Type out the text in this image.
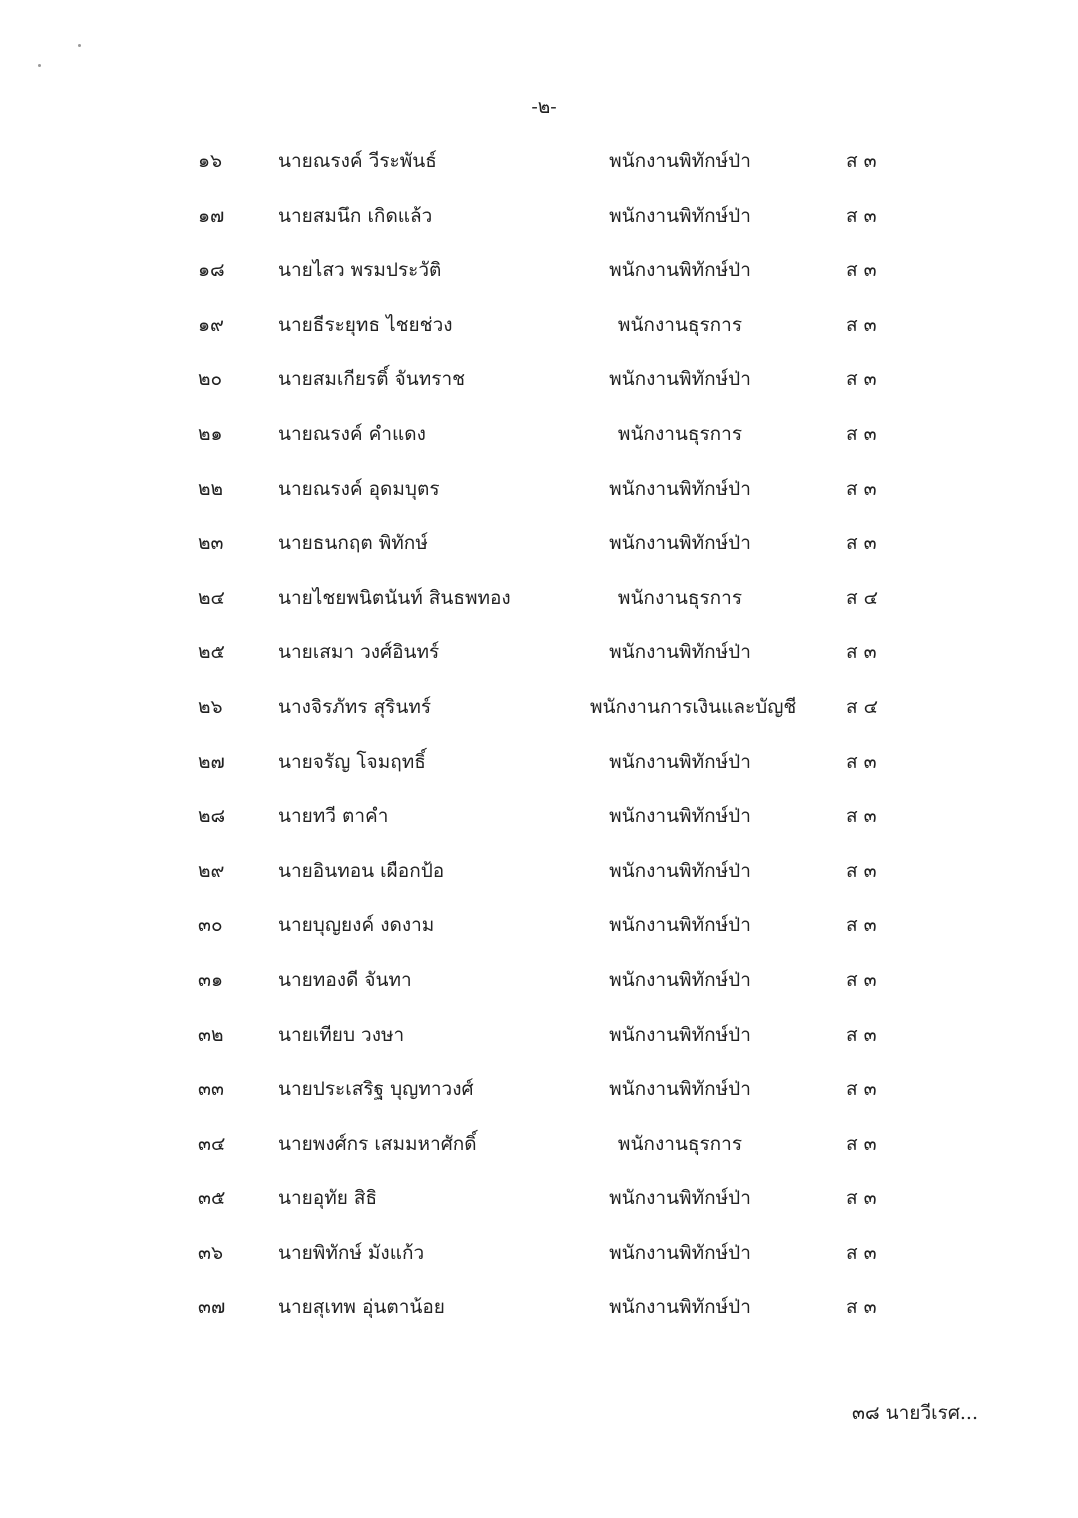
-๒-
๑๖	นายณรงค์ วีระพันธ์	พนักงานพิทักษ์ป่า	ส ๓
๑๗	นายสมนึก เกิดแล้ว	พนักงานพิทักษ์ป่า	ส ๓
๑๘	นายไสว พรมประวัติ	พนักงานพิทักษ์ป่า	ส ๓
๑๙	นายธีระยุทธ ไชยช่วง	พนักงานธุรการ	ส ๓
๒๐	นายสมเกียรติ์ จันทราช	พนักงานพิทักษ์ป่า	ส ๓
๒๑	นายณรงค์ คำแดง	พนักงานธุรการ	ส ๓
๒๒	นายณรงค์ อุดมบุตร	พนักงานพิทักษ์ป่า	ส ๓
๒๓	นายธนกฤต พิทักษ์	พนักงานพิทักษ์ป่า	ส ๓
๒๔	นายไชยพนิตนันท์ สินธพทอง	พนักงานธุรการ	ส ๔
๒๕	นายเสมา วงศ์อินทร์	พนักงานพิทักษ์ป่า	ส ๓
๒๖	นางจิรภัทร สุรินทร์	พนักงานการเงินและบัญชี	ส ๔
๒๗	นายจรัญ โจมฤทธิ์	พนักงานพิทักษ์ป่า	ส ๓
๒๘	นายทวี ตาคำ	พนักงานพิทักษ์ป่า	ส ๓
๒๙	นายอินทอน เผือกป้อ	พนักงานพิทักษ์ป่า	ส ๓
๓๐	นายบุญยงค์ งดงาม	พนักงานพิทักษ์ป่า	ส ๓
๓๑	นายทองดี จันทา	พนักงานพิทักษ์ป่า	ส ๓
๓๒	นายเทียบ วงษา	พนักงานพิทักษ์ป่า	ส ๓
๓๓	นายประเสริฐ บุญทาวงศ์	พนักงานพิทักษ์ป่า	ส ๓
๓๔	นายพงศ์กร เสมมหาศักดิ์	พนักงานธุรการ	ส ๓
๓๕	นายอุทัย สิธิ	พนักงานพิทักษ์ป่า	ส ๓
๓๖	นายพิทักษ์ มังแก้ว	พนักงานพิทักษ์ป่า	ส ๓
๓๗	นายสุเทพ อุ่นตาน้อย	พนักงานพิทักษ์ป่า	ส ๓
๓๘ นายวีเรศ...
